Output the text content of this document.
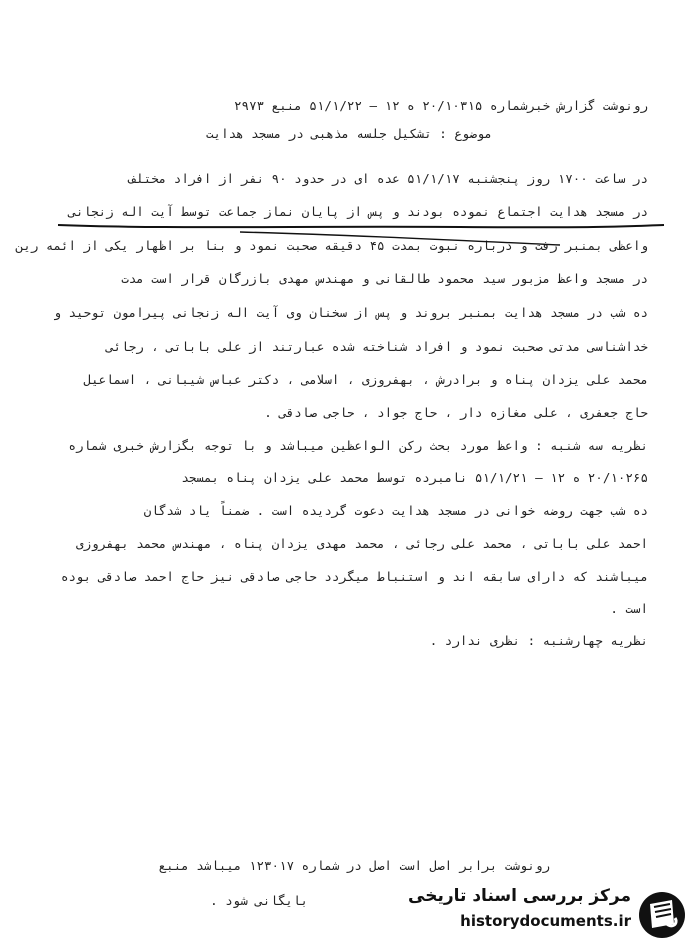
رونوشت گزارش خبرشماره ۲۰/۱۰۳۱۵ ه ۱۲ – ۵۱/۱/۲۲ منبع ۲۹۷۳
موضوع : تشکیل جلسه مذهبی در مسجد هدایت
در ساعت ۱۷۰۰ روز پنجشنبه ۵۱/۱/۱۷ عده ای در حدود ۹۰ نفر از افراد مختلف
در مسجد هدایت اجتماع نموده بودند و پس از پایان نماز جماعت توسط آیت اله زنجانی
واعظی بمنبر رفت و درباره نبوت بمدت ۴۵ دقیقه صحبت نمود و بنا بر اظهار یکی از ائمه رین
در مسجد واعظ مزبور سید محمود طالقانی و مهندس مهدی بازرگان قرار است مدت
ده شب در مسجد هدایت بمنبر بروند و پس از سخنان وی آیت اله زنجانی پیرامون توحید و
خداشناسی مدتی صحبت نمود و افراد شناخته شده عبارتند از علی باباتی ، رجائی
محمد علی یزدان پناه و برادرش ، بهفروزی ، اسلامی ، دکتر عباس شیبانی ، اسماعیل
حاج جعفری ، علی مغازه دار ، حاج جواد ، حاجی صادقی .
نظریه سه شنبه : واعظ مورد بحث رکن الواعظین میباشد و با توجه بگزارش خبری شماره
۲۰/۱۰۲۶۵ ه ۱۲ – ۵۱/۱/۲۱ نامبرده توسط محمد علی یزدان پناه بمسجد
ده شب جهت روضه خوانی در مسجد هدایت دعوت گردیده است . ضمناً یاد شدگان
احمد علی باباتی ، محمد علی رجائی ، محمد مهدی یزدان پناه ، مهندس محمد بهفروزی
میباشند که دارای سابقه اند و استنباط میگردد حاجی صادقی نیز حاج احمد صادقی بوده
است .
نظریه چهارشنبه : نظری ندارد .
رونوشت برابر اصل است اصل در شماره ۱۲۳۰۱۷ میباشد منبع
بایگانی شود .	مرکز بررسی اسناد تاریخی
historydocuments.ir
